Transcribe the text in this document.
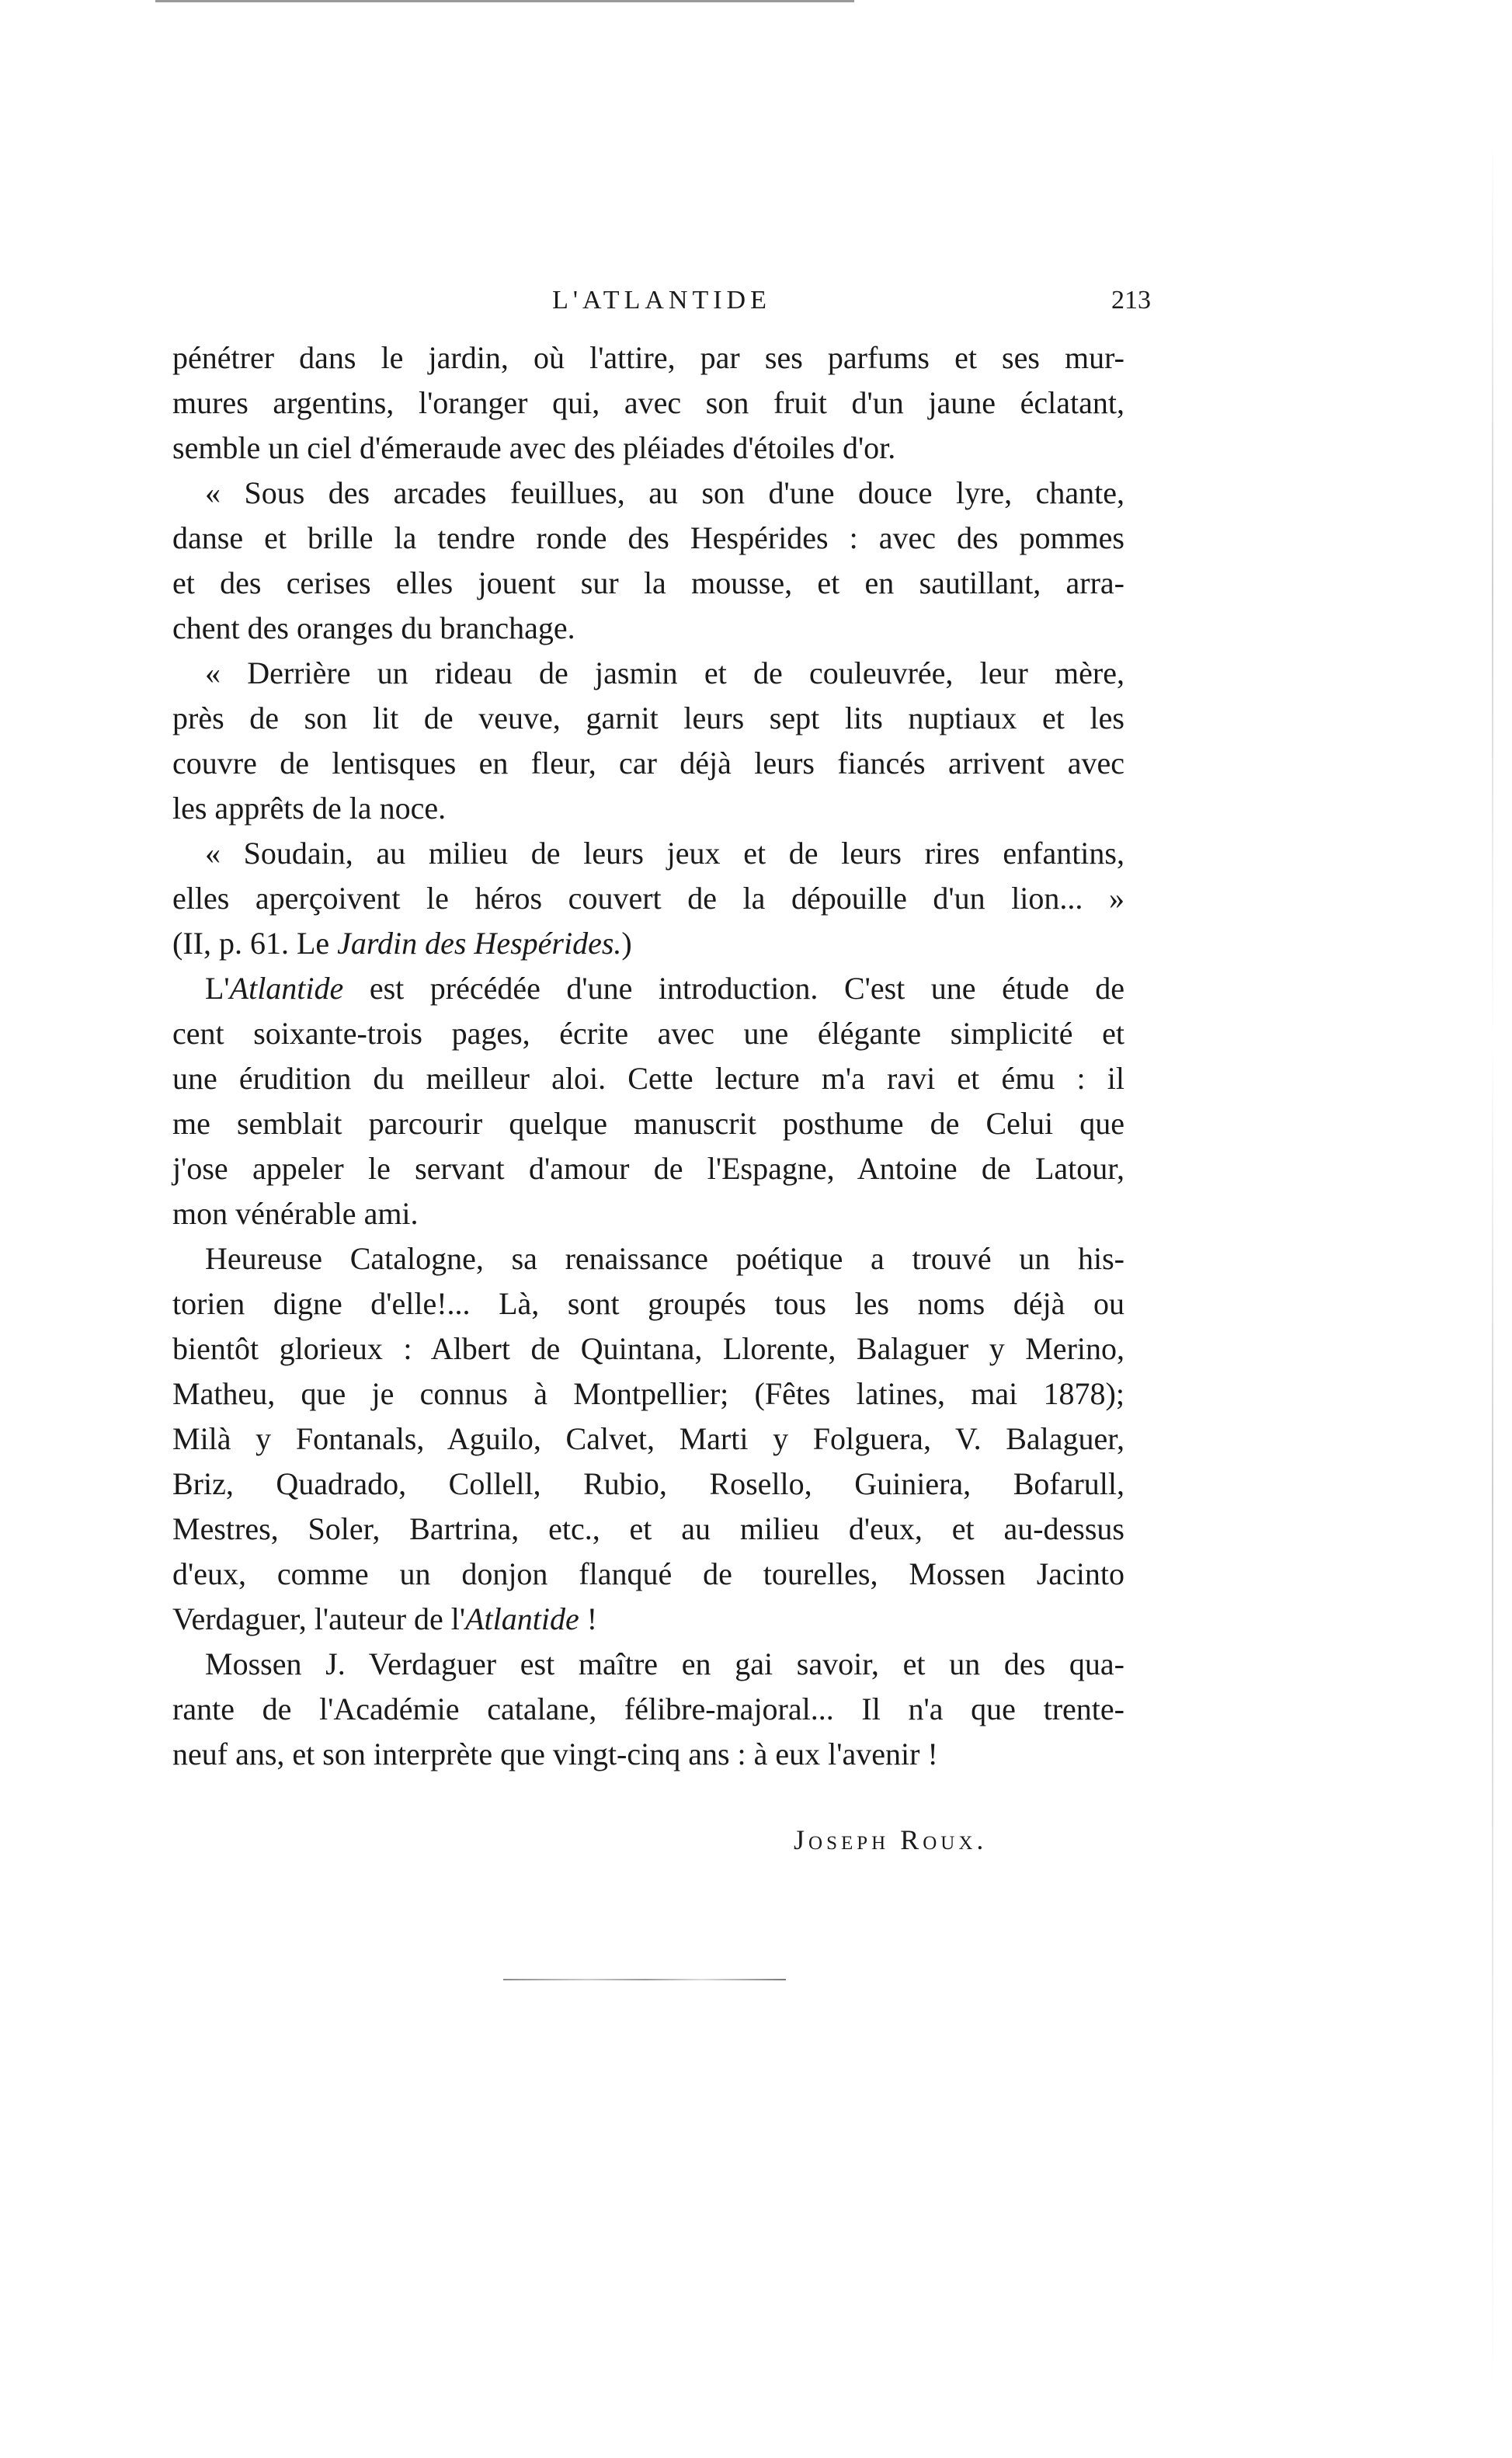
L'ATLANTIDE	213
pénétrer dans le jardin, où l'attire, par ses parfums et ses mur-
mures argentins, l'oranger qui, avec son fruit d'un jaune éclatant,
semble un ciel d'émeraude avec des pléiades d'étoiles d'or.
« Sous des arcades feuillues, au son d'une douce lyre, chante,
danse et brille la tendre ronde des Hespérides : avec des pommes
et des cerises elles jouent sur la mousse, et en sautillant, arra-
chent des oranges du branchage.
« Derrière un rideau de jasmin et de couleuvrée, leur mère,
près de son lit de veuve, garnit leurs sept lits nuptiaux et les
couvre de lentisques en fleur, car déjà leurs fiancés arrivent avec
les apprêts de la noce.
« Soudain, au milieu de leurs jeux et de leurs rires enfantins,
elles aperçoivent le héros couvert de la dépouille d'un lion... »
(II, p. 61. Le Jardin des Hespérides.)
L'Atlantide est précédée d'une introduction. C'est une étude de
cent soixante-trois pages, écrite avec une élégante simplicité et
une érudition du meilleur aloi. Cette lecture m'a ravi et ému : il
me semblait parcourir quelque manuscrit posthume de Celui que
j'ose appeler le servant d'amour de l'Espagne, Antoine de Latour,
mon vénérable ami.
Heureuse Catalogne, sa renaissance poétique a trouvé un his-
torien digne d'elle!... Là, sont groupés tous les noms déjà ou
bientôt glorieux : Albert de Quintana, Llorente, Balaguer y Merino,
Matheu, que je connus à Montpellier; (Fêtes latines, mai 1878);
Milà y Fontanals, Aguilo, Calvet, Marti y Folguera, V. Balaguer,
Briz, Quadrado, Collell, Rubio, Rosello, Guiniera, Bofarull,
Mestres, Soler, Bartrina, etc., et au milieu d'eux, et au-dessus
d'eux, comme un donjon flanqué de tourelles, Mossen Jacinto
Verdaguer, l'auteur de l'Atlantide !
Mossen J. Verdaguer est maître en gai savoir, et un des qua-
rante de l'Académie catalane, félibre-majoral... Il n'a que trente-
neuf ans, et son interprète que vingt-cinq ans : à eux l'avenir !
Joseph Roux.
